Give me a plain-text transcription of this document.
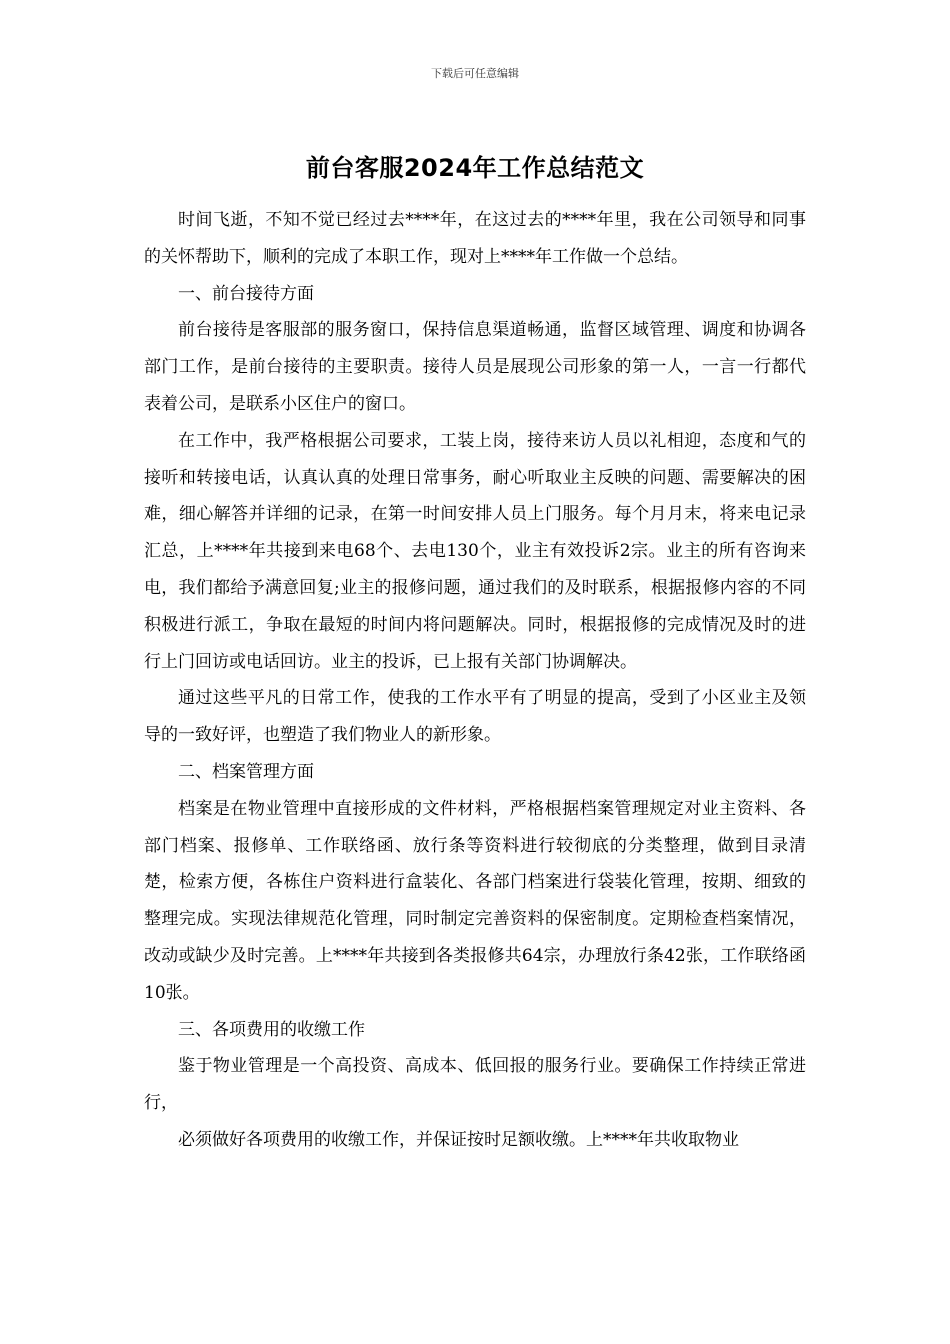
下载后可任意编辑
前台客服2024年工作总结范文

时间飞逝，不知不觉已经过去****年，在这过去的****年里，我在公司领导和同事的关怀帮助下，顺利的完成了本职工作，现对上****年工作做一个总结。

一、前台接待方面

前台接待是客服部的服务窗口，保持信息渠道畅通，监督区域管理、调度和协调各部门工作，是前台接待的主要职责。接待人员是展现公司形象的第一人，一言一行都代表着公司，是联系小区住户的窗口。

在工作中，我严格根据公司要求，工装上岗，接待来访人员以礼相迎，态度和气的接听和转接电话，认真认真的处理日常事务，耐心听取业主反映的问题、需要解决的困难，细心解答并详细的记录，在第一时间安排人员上门服务。每个月月末，将来电记录汇总，上****年共接到来电68个、去电130个，业主有效投诉2宗。业主的所有咨询来电，我们都给予满意回复;业主的报修问题，通过我们的及时联系，根据报修内容的不同积极进行派工，争取在最短的时间内将问题解决。同时，根据报修的完成情况及时的进行上门回访或电话回访。业主的投诉，已上报有关部门协调解决。

通过这些平凡的日常工作，使我的工作水平有了明显的提高，受到了小区业主及领导的一致好评，也塑造了我们物业人的新形象。

二、档案管理方面

档案是在物业管理中直接形成的文件材料，严格根据档案管理规定对业主资料、各部门档案、报修单、工作联络函、放行条等资料进行较彻底的分类整理，做到目录清楚，检索方便，各栋住户资料进行盒装化、各部门档案进行袋装化管理，按期、细致的整理完成。实现法律规范化管理，同时制定完善资料的保密制度。定期检查档案情况，改动或缺少及时完善。上****年共接到各类报修共64宗，办理放行条42张，工作联络函10张。

三、各项费用的收缴工作

鉴于物业管理是一个高投资、高成本、低回报的服务行业。要确保工作持续正常进行，

必须做好各项费用的收缴工作，并保证按时足额收缴。上****年共收取物业
